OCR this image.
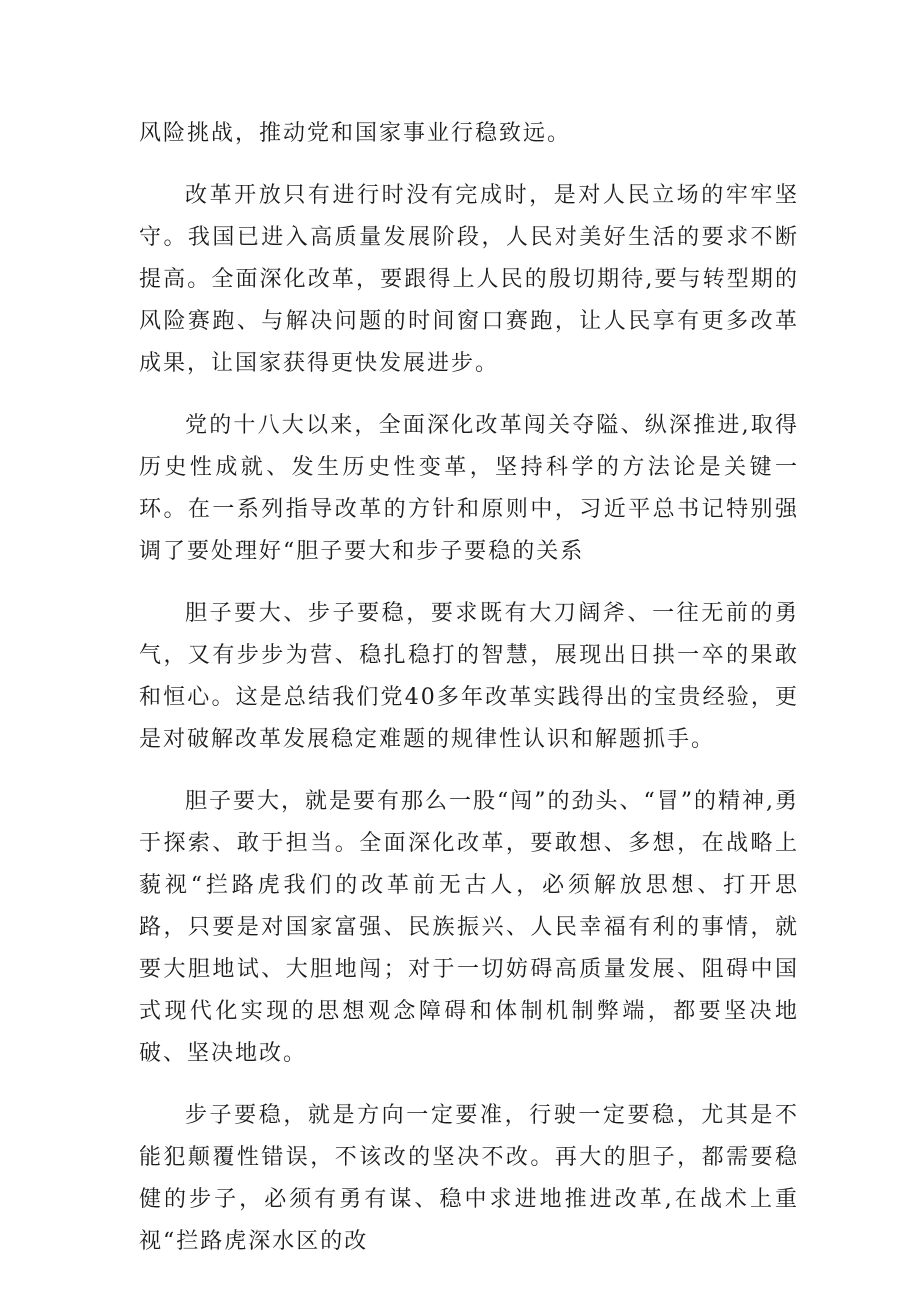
风险挑战，推动党和国家事业行稳致远。

改革开放只有进行时没有完成时，是对人民立场的牢牢坚守。我国已进入高质量发展阶段，人民对美好生活的要求不断提高。全面深化改革，要跟得上人民的殷切期待,要与转型期的风险赛跑、与解决问题的时间窗口赛跑，让人民享有更多改革成果，让国家获得更快发展进步。

党的十八大以来，全面深化改革闯关夺隘、纵深推进,取得历史性成就、发生历史性变革，坚持科学的方法论是关键一环。在一系列指导改革的方针和原则中，习近平总书记特别强调了要处理好“胆子要大和步子要稳的关系

胆子要大、步子要稳，要求既有大刀阔斧、一往无前的勇气，又有步步为营、稳扎稳打的智慧，展现出日拱一卒的果敢和恒心。这是总结我们党40多年改革实践得出的宝贵经验，更是对破解改革发展稳定难题的规律性认识和解题抓手。

胆子要大，就是要有那么一股“闯”的劲头、“冒”的精神,勇于探索、敢于担当。全面深化改革，要敢想、多想，在战略上藐视“拦路虎我们的改革前无古人，必须解放思想、打开思路，只要是对国家富强、民族振兴、人民幸福有利的事情，就要大胆地试、大胆地闯；对于一切妨碍高质量发展、阻碍中国式现代化实现的思想观念障碍和体制机制弊端，都要坚决地破、坚决地改。

步子要稳，就是方向一定要准，行驶一定要稳，尤其是不能犯颠覆性错误，不该改的坚决不改。再大的胆子，都需要稳健的步子，必须有勇有谋、稳中求进地推进改革,在战术上重视“拦路虎深水区的改
